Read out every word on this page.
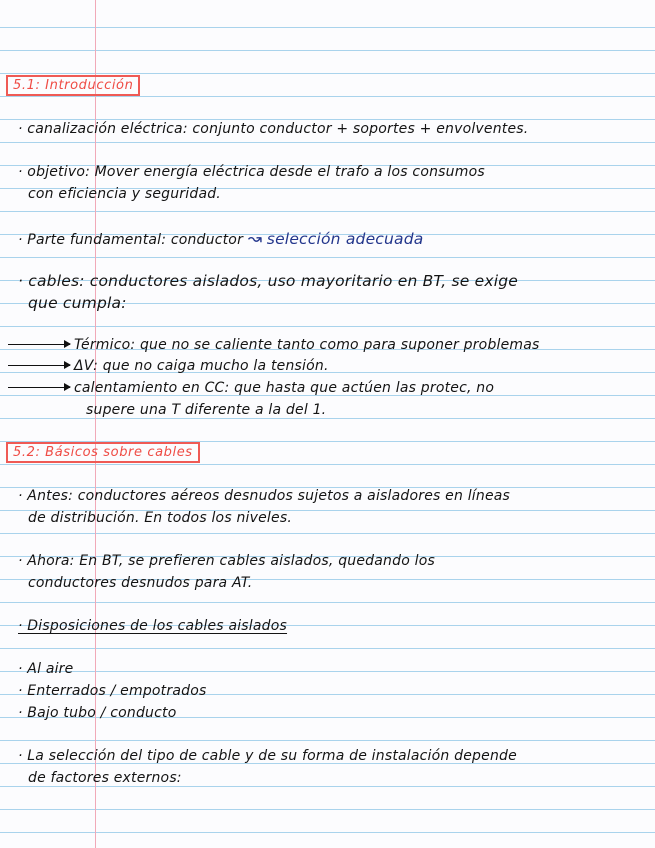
5.1: Introducción
· canalización eléctrica: conjunto conductor + soportes + envolventes.
· objetivo: Mover energía eléctrica desde el trafo a los consumos
con eficiencia y seguridad.
· Parte fundamental: conductor ↝ selección adecuada
· cables: conductores aislados, uso mayoritario en BT, se exige
que cumpla:
Térmico: que no se caliente tanto como para suponer problemas
ΔV: que no caiga mucho la tensión.
calentamiento en CC: que hasta que actúen las protec, no
supere una T diferente a la del 1.
5.2: Básicos sobre cables
· Antes: conductores aéreos desnudos sujetos a aisladores en líneas
de distribución. En todos los niveles.
· Ahora: En BT, se prefieren cables aislados, quedando los
conductores desnudos para AT.
· Disposiciones de los cables aislados
· Al aire
· Enterrados / empotrados
· Bajo tubo / conducto
· La selección del tipo de cable y de su forma de instalación depende
de factores externos:
